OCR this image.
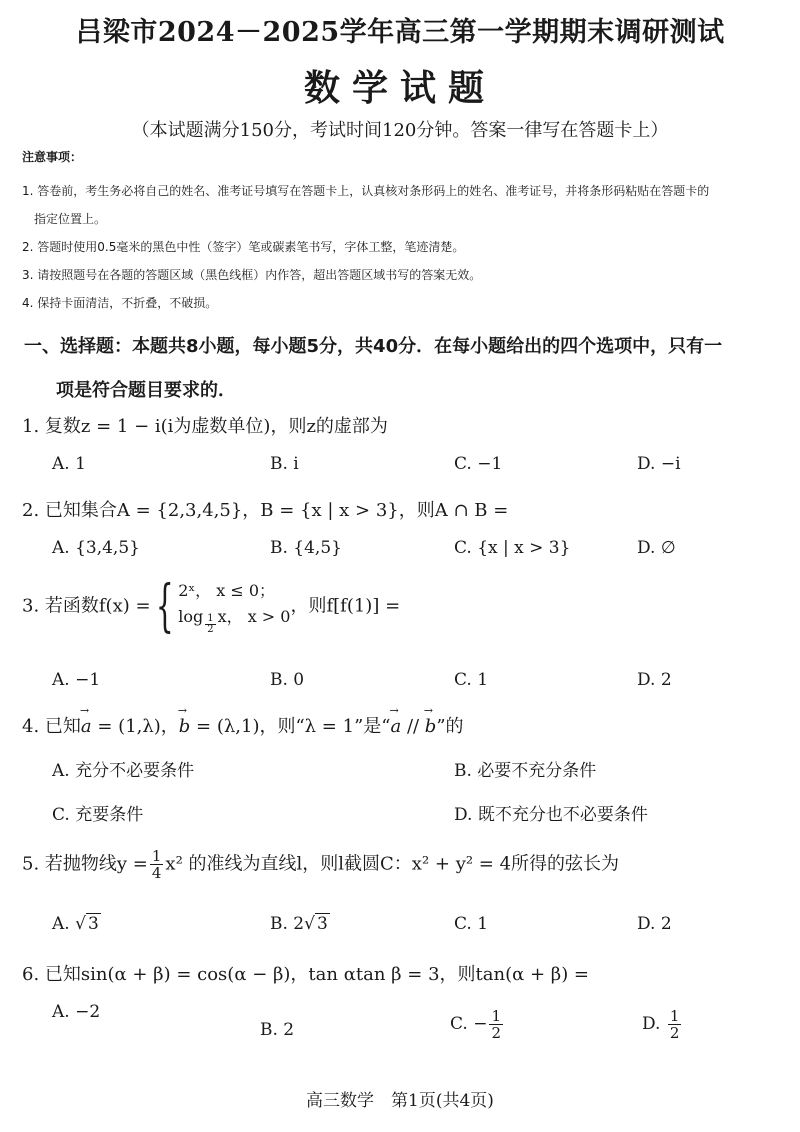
吕梁市2024－2025学年高三第一学期期末调研测试
数学试题
（本试题满分150分，考试时间120分钟。答案一律写在答题卡上）
注意事项：
1. 答卷前，考生务必将自己的姓名、准考证号填写在答题卡上，认真核对条形码上的姓名、准考证号，并将条形码粘贴在答题卡的
指定位置上。
2. 答题时使用0.5毫米的黑色中性（签字）笔或碳素笔书写，字体工整，笔迹清楚。
3. 请按照题号在各题的答题区域（黑色线框）内作答，超出答题区域书写的答案无效。
4. 保持卡面清洁，不折叠，不破损。
一、选择题：本题共8小题，每小题5分，共40分．在每小题给出的四个选项中，只有一
项是符合题目要求的．
1. 复数z = 1 − i(i为虚数单位)，则z的虚部为
A. 1	B. i	C. −1	D. −i
2. 已知集合A = {2,3,4,5}，B = {x | x > 3}，则A ∩ B =
A. {3,4,5}	B. {4,5}	C. {x | x > 3}	D. ∅
3. 若函数f(x) ={ 2ˣ， x ≤ 0；
$\log \frac{1}{2}$ x， x > 0 ，则f[f(1)] =
A. −1	B. 0	C. 1	D. 2
4. 已知→ a = (1,λ)，→ b = (λ,1)，则“λ = 1”是“→ a // → b”的
A. 充分不必要条件	B. 必要不充分条件
C. 充要条件	D. 既不充分也不必要条件
5. 若抛物线$y = \frac{1}{4} x^2$ 的准线为直线l，则l截圆C：x² + y² = 4所得的弦长为
A. √ 3	B. 2√ 3	C. 1	D. 2
6. 已知sin(α + β) = cos(α − β)，tan αtan β = 3，则tan(α + β) =
A. −2
B. 2	C. − $\frac{1}{2}$	D. $\frac{1}{2}$
高三数学　第1页(共4页)
